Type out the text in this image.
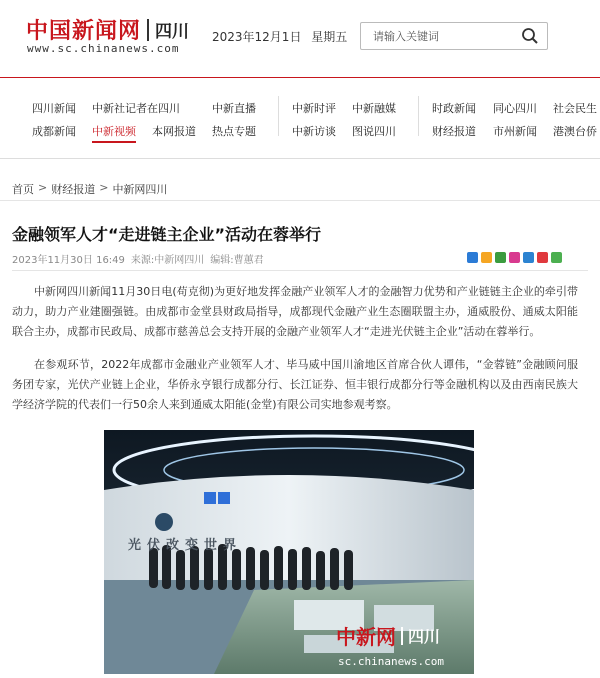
中国新闻网 四川
www.sc.chinanews.com
2023年12月1日 星期五
请输入关键词
四川新闻 中新社记者在四川	中新直播
成都新闻 中新视频 本网报道 热点专题
中新时评 中新融媒
中新访谈 图说四川
时政新闻 同心四川 社会民生
财经报道 市州新闻 港澳台侨
首页 > 财经报道 > 中新网四川
金融领军人才“走进链主企业”活动在蓉举行
2023年11月30日 16:49 来源:中新网四川 编辑:曹蕙君

中新网四川新闻11月30日电(苟克彻)为更好地发挥金融产业领军人才的金融智力优势和产业链链主企业的牵引带动力，助力产业建圈强链。由成都市金堂县财政局指导，成都现代金融产业生态圈联盟主办，通威股份、通威太阳能联合主办，成都市民政局、成都市慈善总会支持开展的金融产业领军人才“走进光伏链主企业”活动在蓉举行。

在参观环节，2022年成都市金融业产业领军人才、毕马威中国川渝地区首席合伙人谭伟，“金蓉链”金融顾问服务团专家，光伏产业链上企业，华侨永亨银行成都分行、长江证券、恒丰银行成都分行等金融机构以及由西南民族大学经济学院的代表们一行50余人来到通威太阳能(金堂)有限公司实地参观考察。

光伏改变世界
中新网 四川
sc.chinanews.com
